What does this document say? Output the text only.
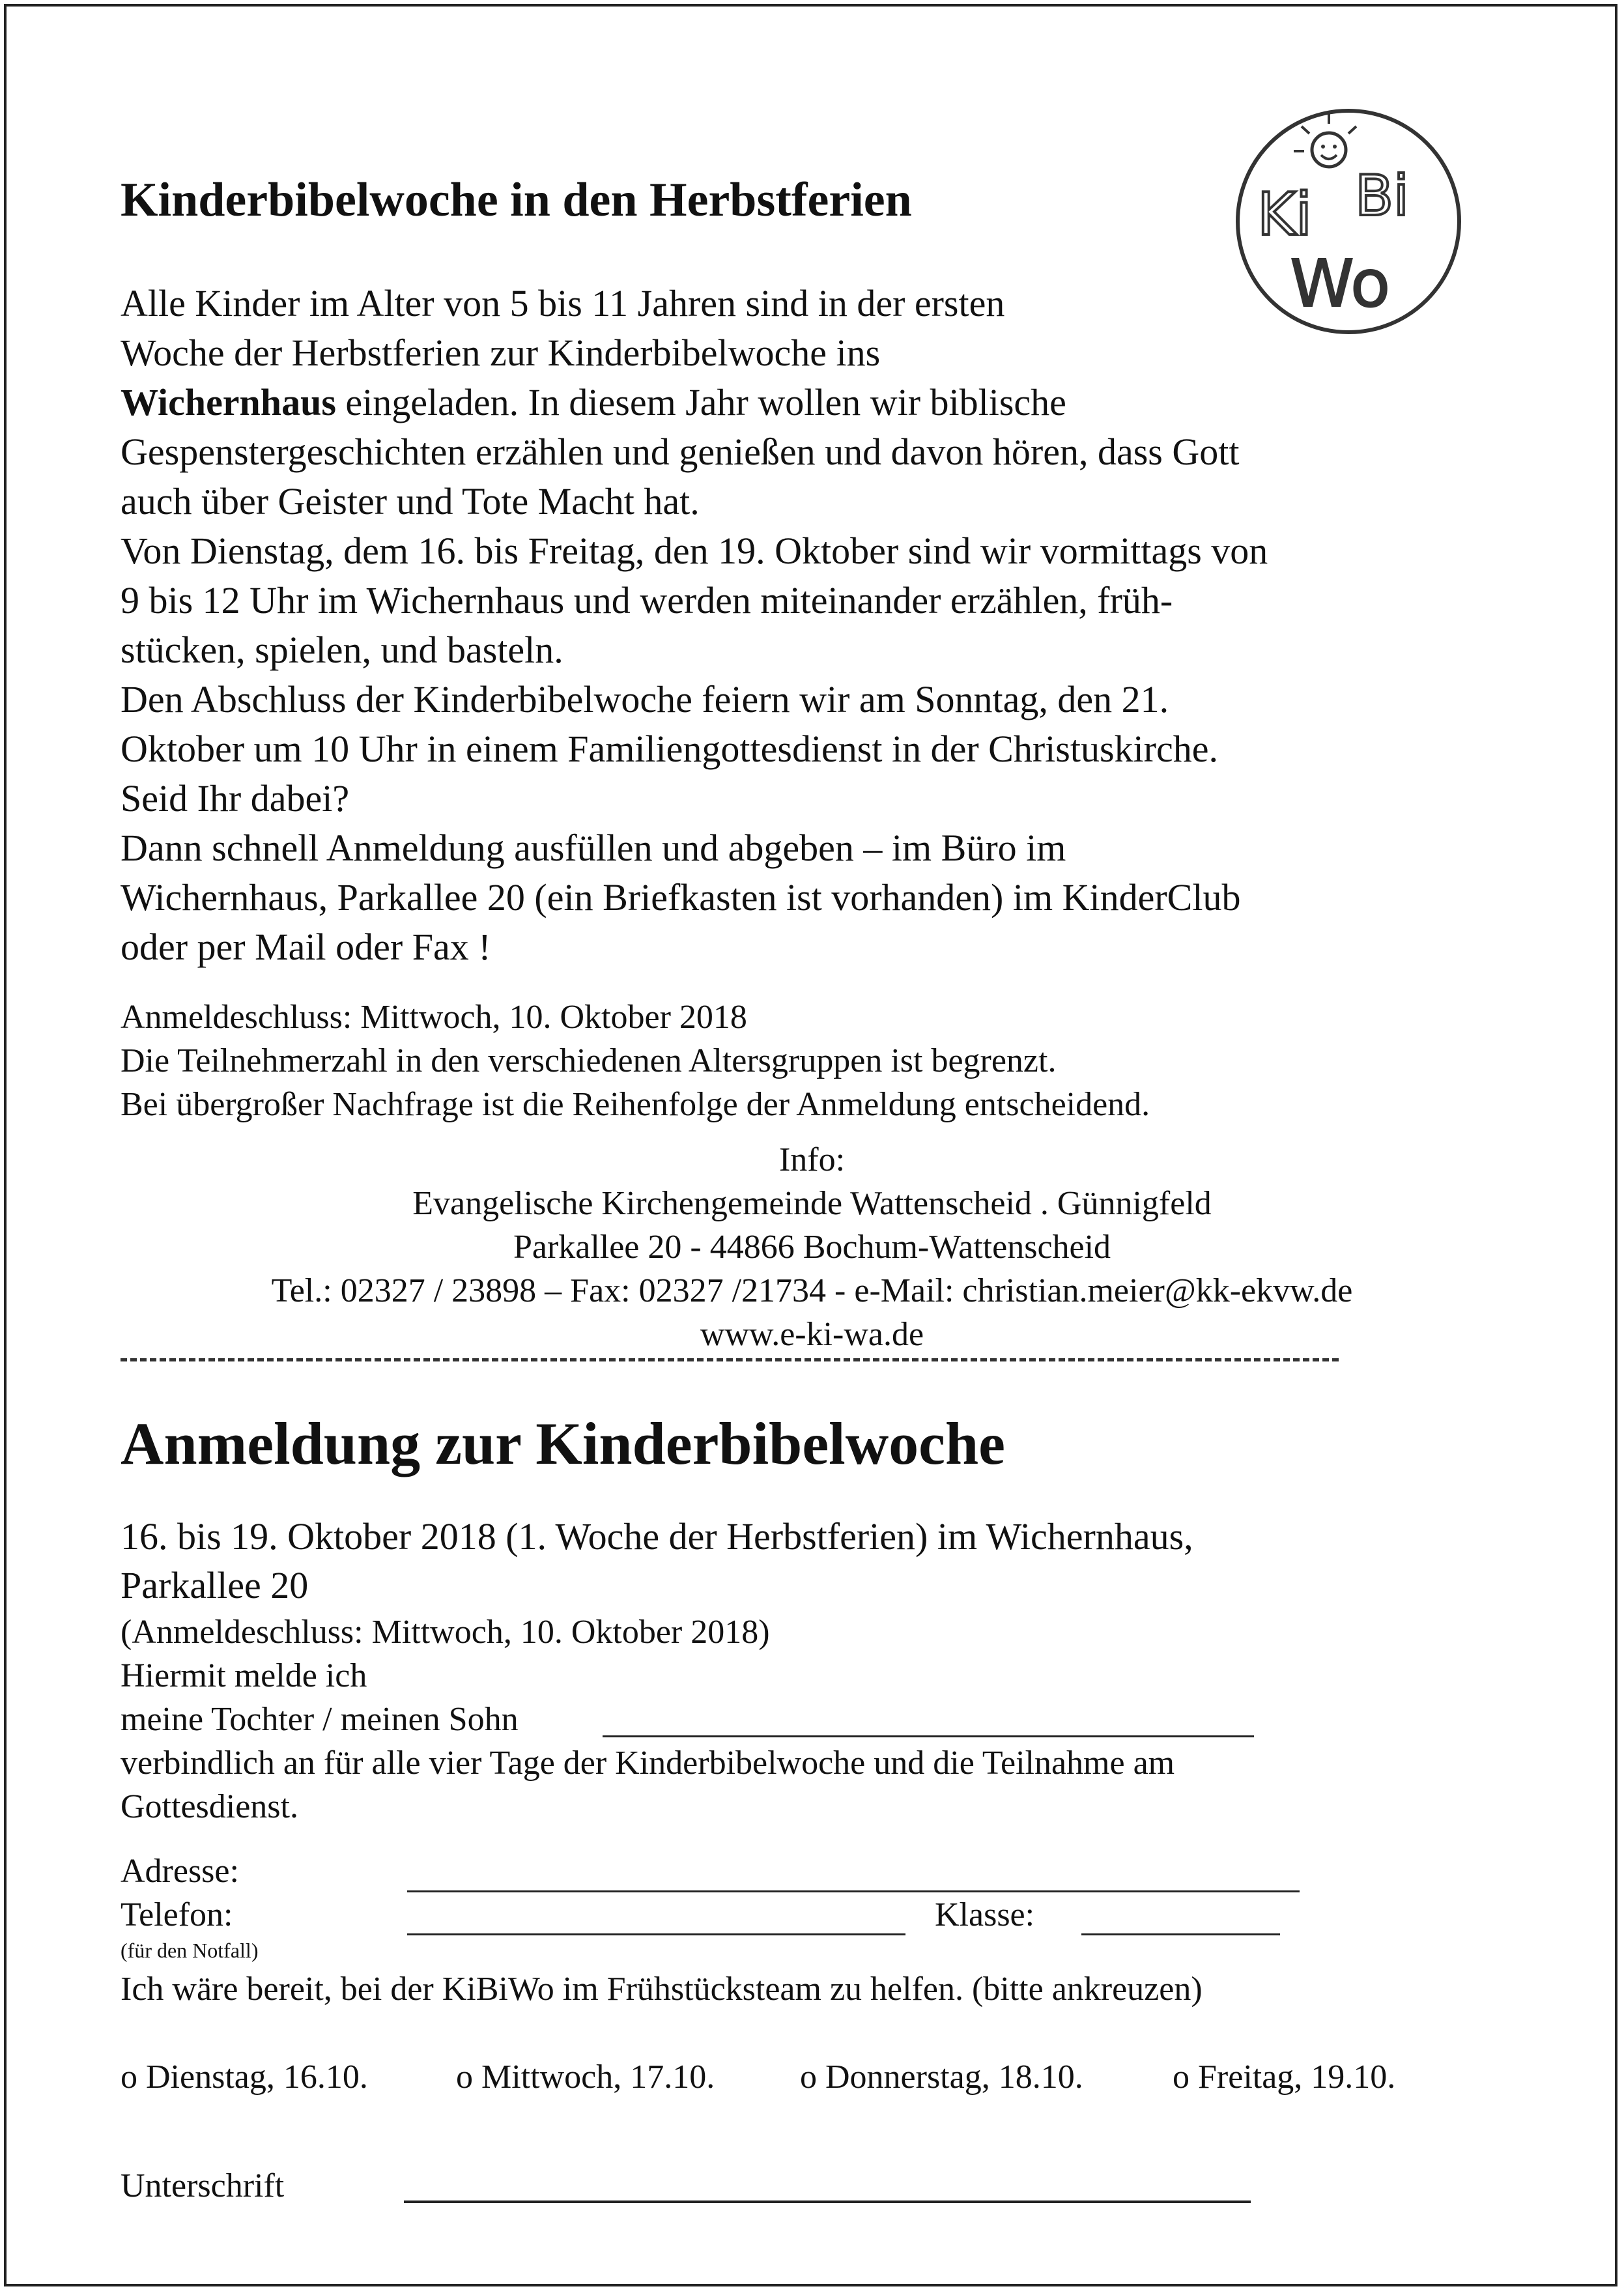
Ki Bi
Wo
Kinderbibelwoche in den Herbstferien
Alle Kinder im Alter von 5 bis 11 Jahren sind in der ersten
Woche der Herbstferien zur Kinderbibelwoche ins
Wichernhaus eingeladen. In diesem Jahr wollen wir biblische
Gespenstergeschichten erzählen und genießen und davon hören, dass Gott
auch über Geister und Tote Macht hat.
Von Dienstag, dem 16. bis Freitag, den 19. Oktober sind wir vormittags von
9 bis 12 Uhr im Wichernhaus und werden miteinander erzählen, früh-
stücken, spielen, und basteln.
Den Abschluss der Kinderbibelwoche feiern wir am Sonntag, den 21.
Oktober um 10 Uhr in einem Familiengottesdienst in der Christuskirche.
Seid Ihr dabei?
Dann schnell Anmeldung ausfüllen und abgeben – im Büro im
Wichernhaus, Parkallee 20 (ein Briefkasten ist vorhanden) im KinderClub
oder per Mail oder Fax !
Anmeldeschluss: Mittwoch, 10. Oktober 2018
Die Teilnehmerzahl in den verschiedenen Altersgruppen ist begrenzt.
Bei übergroßer Nachfrage ist die Reihenfolge der Anmeldung entscheidend.
Info:
Evangelische Kirchengemeinde Wattenscheid . Günnigfeld
Parkallee 20 - 44866 Bochum-Wattenscheid
Tel.: 02327 / 23898 – Fax: 02327 /21734 - e-Mail: christian.meier@kk-ekvw.de
www.e-ki-wa.de
Anmeldung zur Kinderbibelwoche
16. bis 19. Oktober 2018 (1. Woche der Herbstferien) im Wichernhaus,
Parkallee 20
(Anmeldeschluss: Mittwoch, 10. Oktober 2018)
Hiermit melde ich
meine Tochter / meinen Sohn
verbindlich an für alle vier Tage der Kinderbibelwoche und die Teilnahme am
Gottesdienst.
Adresse:
Telefon:	Klasse:
(für den Notfall)
Ich wäre bereit, bei der KiBiWo im Frühstücksteam zu helfen. (bitte ankreuzen)
o Dienstag, 16.10.	o Mittwoch, 17.10.	o Donnerstag, 18.10.	o Freitag, 19.10.
Unterschrift
